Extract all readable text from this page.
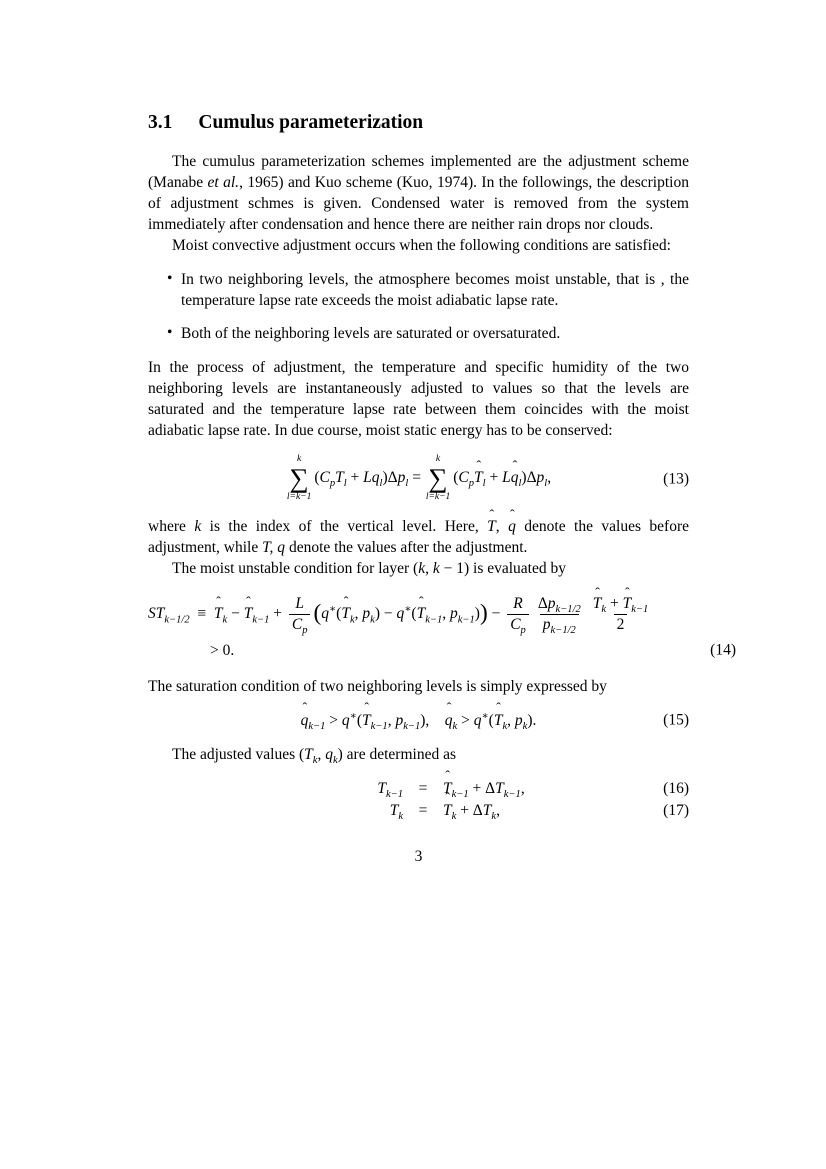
3.1 Cumulus parameterization

The cumulus parameterization schemes implemented are the adjustment scheme (Manabe et al., 1965) and Kuo scheme (Kuo, 1974). In the followings, the description of adjustment schmes is given. Condensed water is removed from the system immediately after condensation and hence there are neither rain drops nor clouds.

Moist convective adjustment occurs when the following conditions are satisfied:

• In two neighboring levels, the atmosphere becomes moist unstable, that is , the temperature lapse rate exceeds the moist adiabatic lapse rate.
• Both of the neighboring levels are saturated or oversaturated.

In the process of adjustment, the temperature and specific humidity of the two neighboring levels are instantaneously adjusted to values so that the levels are saturated and the temperature lapse rate between them coincides with the moist adiabatic lapse rate. In due course, moist static energy has to be conserved:

k
∑
l=k−1
$(C_pT_l + Lq_l)\Delta p_l$ =
k
∑
l=k−1
($C_pT$ ˆ$_l$ + Lq $ˆ_l)\Delta p_l$,	(13)

where k is the index of the vertical level. Here, T ˆ, q ˆ denote the values before adjustment, while T, q denote the values after the adjustment.

The moist unstable condition for layer (k, k − 1) is evaluated by

$ST_{k-1/2}$ ≡ T ˆ$_k$ − T ˆ$_{k-1}$ + $\frac{L}{C_p} (q^∗(T$ ˆ$_k$, $p_k) - q^∗(T$ ˆ$_{k-1}$, $p_{k-1})) - \frac{R}{C_p} \frac{\Delta p_{k-1/2}}{p_{k-1/2}} \frac{T ˆ_k + T ˆ_{k-1}}{2}$
> 0.	(14)

The saturation condition of two neighboring levels is simply expressed by

q ˆ$_{k-1}$ > q∗(T ˆ$_{k-1}$, $p_{k-1}$),  q ˆ$_k$ > q∗(T ˆ$_k$, $p_k$).	(15)

The adjusted values ($T_k$, $q_k$) are determined as

$T_{k-1} = T$ ˆ$_{k-1}$ + $\Delta T_{k-1}$,	(16)
$T_k = T$ ˆ$_k$ + $\Delta T_k$,	(17)
3
